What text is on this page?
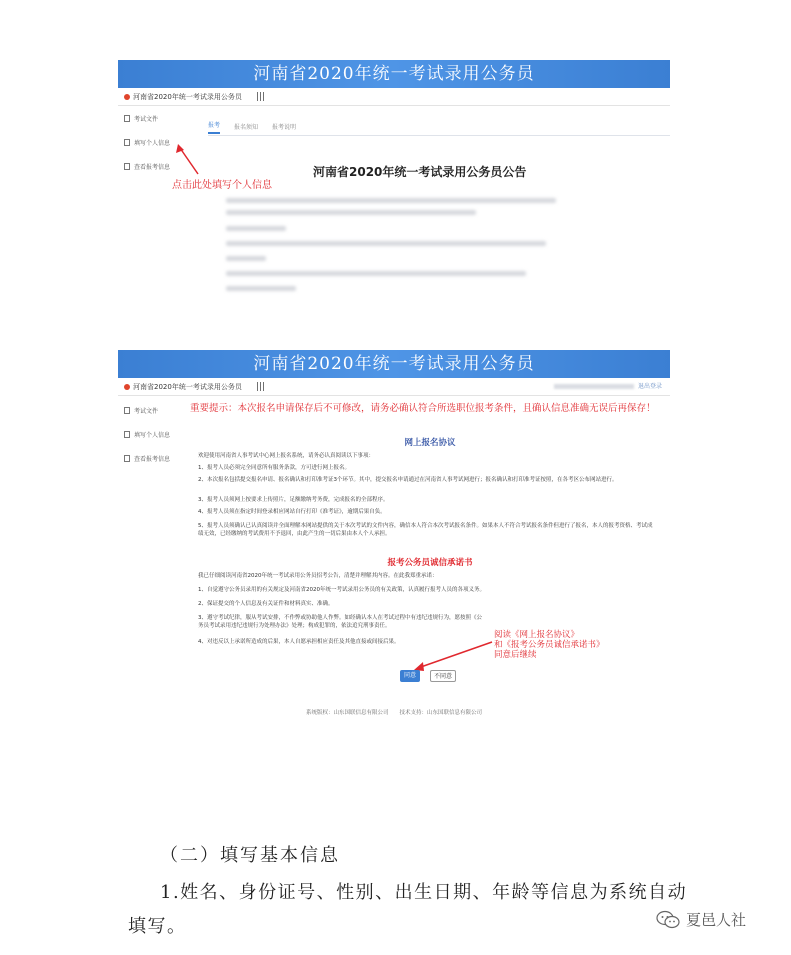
河南省2020年统一考试录用公务员
河南省2020年统一考试录用公务员 |||
考试文件
填写个人信息
查看报考信息
报考 报名须知 报考说明
河南省2020年统一考试录用公务员公告
点击此处填写个人信息
河南省2020年统一考试录用公务员
河南省2020年统一考试录用公务员 |||	退出登录
考试文件
填写个人信息
查看报考信息
重要提示：本次报名申请保存后不可修改，请务必确认符合所选职位报考条件，且确认信息准确无误后再保存！
网上报名协议
欢迎使用河南省人事考试中心网上报名系统，请务必认真阅读以下事项：
1、报考人员必须完全同意所有服务条款，方可进行网上报名。
2、本次报名包括提交报名申请、报名确认和打印准考证3个环节。其中，提交报名申请通过在河南省人事考试网进行；报名确认和打印准考证按照，在各考区公布网站进行。
3、报考人员须网上按要求上传照片，足额缴纳考务费，完成报名的全部程序。
4、报考人员须在指定时间登录相应网站自行打印《准考证》，逾期后果自负。
5、报考人员须确认已认真阅读并全面理解本网站提供的关于本次考试的文件内容，确信本人符合本次考试报名条件。如果本人不符合考试报名条件但进行了报名，本人的报考资格、考试成绩无效，已经缴纳的考试费用不予退回，由此产生的一切后果由本人个人承担。
报考公务员诚信承诺书
我已仔细阅读河南省2020年统一考试录用公务员招考公告，清楚并理解其内容。在此我郑重承诺：
1、自觉遵守公务员录用的有关规定及河南省2020年统一考试录用公务员的有关政策，认真履行报考人员的各项义务。
2、保证提交的个人信息及有关证件和材料真实、准确。
3、遵守考试纪律，服从考试安排，不作弊或协助他人作弊。如经确认本人在考试过程中有违纪违规行为，愿按照《公务员考试录用违纪违规行为处理办法》处理；构成犯罪的，依法追究刑事责任。
4、对违反以上承诺所造成的后果，本人自愿承担相应责任及其他直接或间接后果。
阅读《网上报名协议》
和《报考公务员诚信承诺书》
同意后继续
同意	不同意
系统版权：山东国联信息有限公司　　技术支持：山东国联信息有限公司
（二）填写基本信息
1.姓名、身份证号、性别、出生日期、年龄等信息为系统自动填写。	夏邑人社
